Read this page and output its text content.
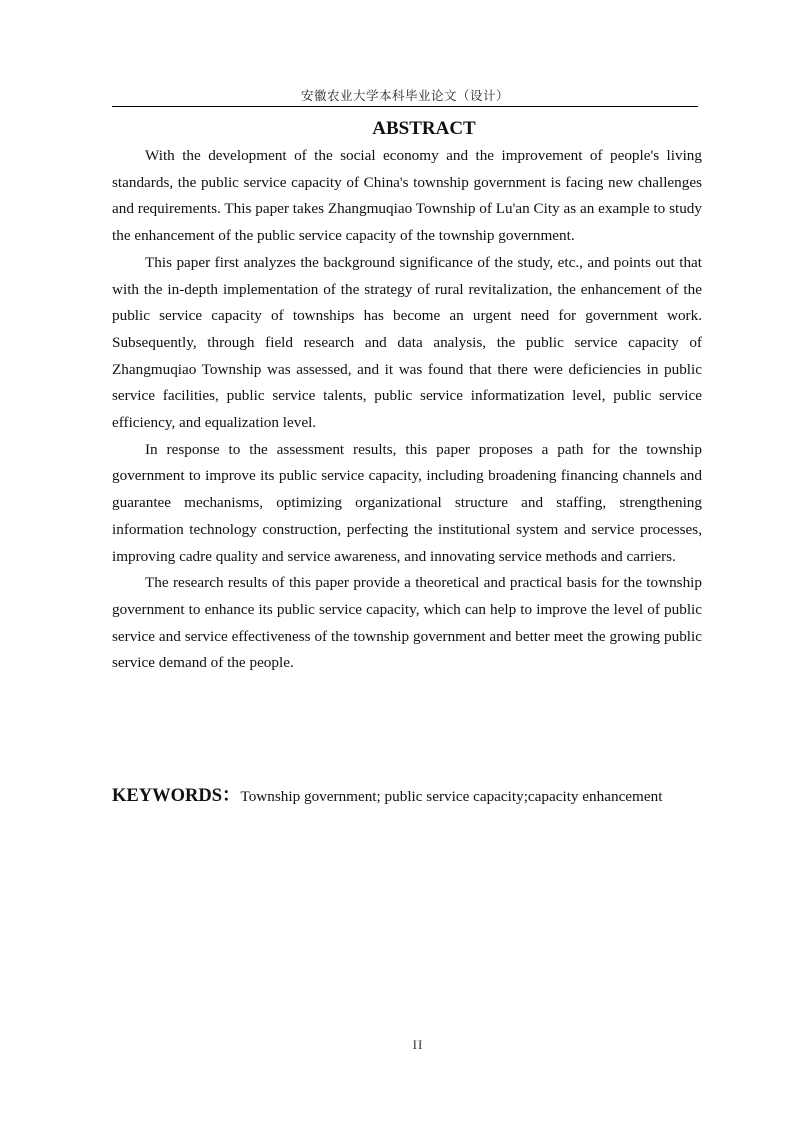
安徽农业大学本科毕业论文（设计）
ABSTRACT

With the development of the social economy and the improvement of people's living standards, the public service capacity of China's township government is facing new challenges and requirements. This paper takes Zhangmuqiao Township of Lu'an City as an example to study the enhancement of the public service capacity of the township government.

This paper first analyzes the background significance of the study, etc., and points out that with the in-depth implementation of the strategy of rural revitalization, the enhancement of the public service capacity of townships has become an urgent need for government work. Subsequently, through field research and data analysis, the public service capacity of Zhangmuqiao Township was assessed, and it was found that there were deficiencies in public service facilities, public service talents, public service informatization level, public service efficiency, and equalization level.

In response to the assessment results, this paper proposes a path for the township government to improve its public service capacity, including broadening financing channels and guarantee mechanisms, optimizing organizational structure and staffing, strengthening information technology construction, perfecting the institutional system and service processes, improving cadre quality and service awareness, and innovating service methods and carriers.

The research results of this paper provide a theoretical and practical basis for the township government to enhance its public service capacity, which can help to improve the level of public service and service effectiveness of the township government and better meet the growing public service demand of the people.

KEYWORDS：Township government; public service capacity;capacity enhancement
II
